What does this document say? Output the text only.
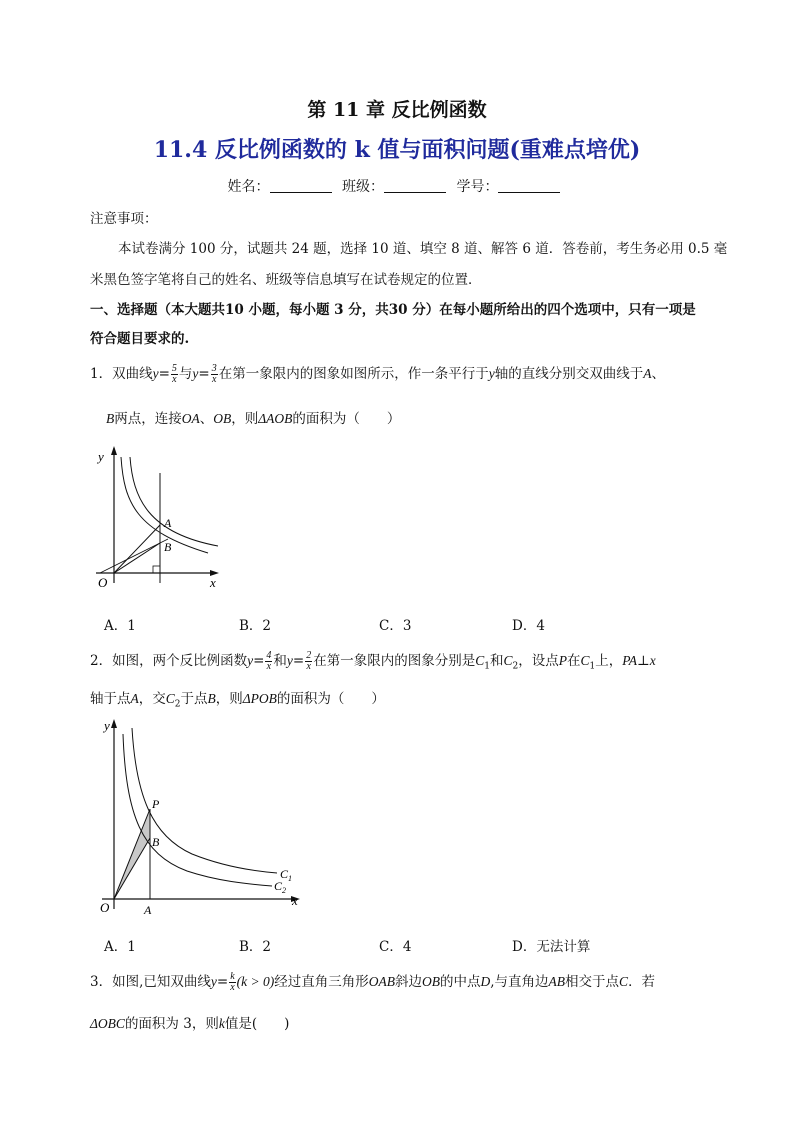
第 11 章 反比例函数
11.4 反比例函数的 k 值与面积问题(重难点培优)
姓名：	班级：	学号：
注意事项：
本试卷满分 100 分，试题共 24 题，选择 10 道、填空 8 道、解答 6 道．答卷前，考生务必用 0.5 毫
米黑色签字笔将自己的姓名、班级等信息填写在试卷规定的位置．
一、选择题（本大题共10 小题，每小题 3 分，共30 分）在每小题所给出的四个选项中，只有一项是
符合题目要求的.
1．双曲线$y= \frac{5}{x}$ 与$y= \frac{3}{x}$ 在第一象限内的图象如图所示，作一条平行于y轴的直线分别交双曲线于A、
B两点，连接OA、OB，则ΔAOB的面积为（　　）
y
x
O
A
B
A．1	B．2	C．3	D．4
2．如图，两个反比例函数$y= \frac{4}{x}$ 和$y= \frac{2}{x}$ 在第一象限内的图象分别是$C_1$和$C_2$，设点P在$C_1$上，PA⊥x
轴于点A，交$C_2$于点B，则ΔPOB的面积为（　　）
y
x
O	A
B
P
$C_1$
$C_2$
A．1	B．2	C．4	D．无法计算
3．如图,已知双曲线$y= \frac{k}{x} (k > 0)$经过直角三角形OAB斜边OB的中点D,与直角边AB相交于点C．若
ΔOBC的面积为 3，则k值是(　　)
